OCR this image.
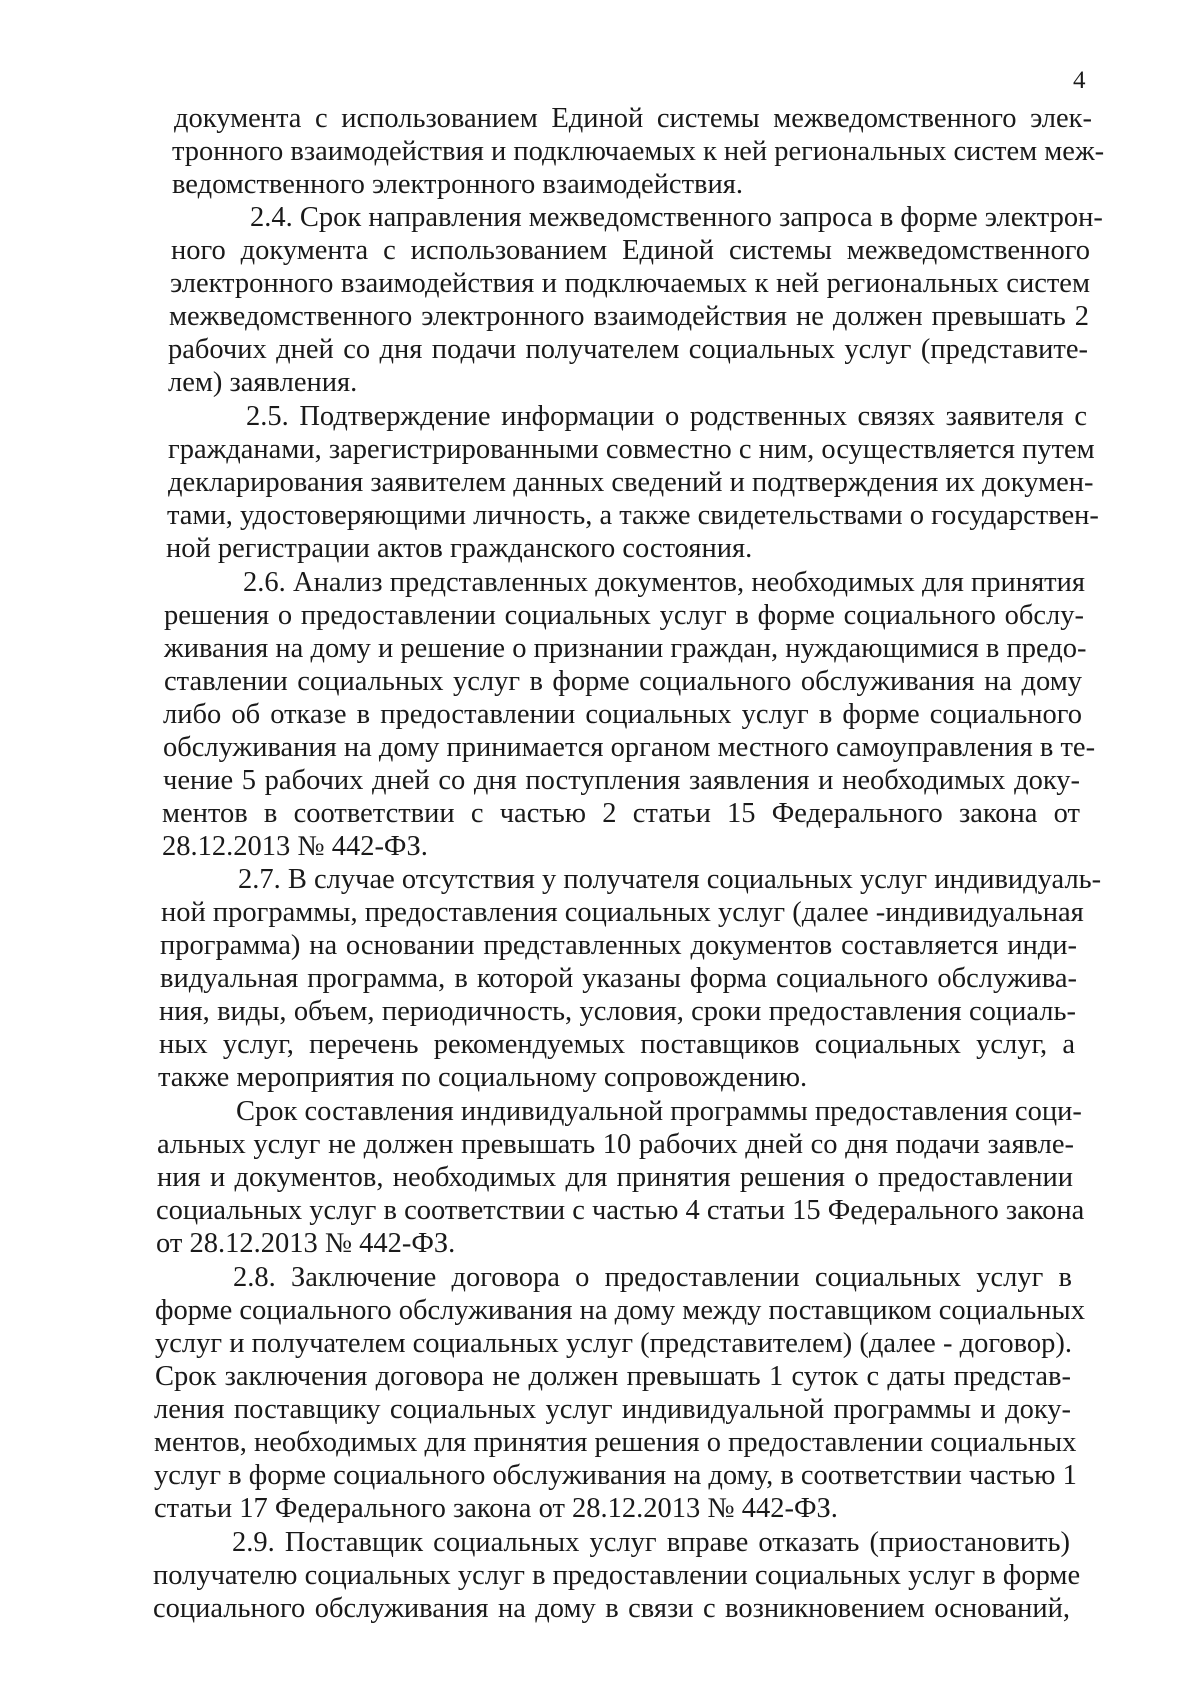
4
документа с использованием Единой системы межведомственного элек-
тронного взаимодействия и подключаемых к ней региональных систем меж-
ведомственного электронного взаимодействия.
2.4. Срок направления межведомственного запроса в форме электрон-
ного документа с использованием Единой системы межведомственного
электронного взаимодействия и подключаемых к ней региональных систем
межведомственного электронного взаимодействия не должен превышать 2
рабочих дней со дня подачи получателем социальных услуг (представите-
лем) заявления.
2.5. Подтверждение информации о родственных связях заявителя с
гражданами, зарегистрированными совместно с ним, осуществляется путем
декларирования заявителем данных сведений и подтверждения их докумен-
тами, удостоверяющими личность, а также свидетельствами о государствен-
ной регистрации актов гражданского состояния.
2.6. Анализ представленных документов, необходимых для принятия
решения о предоставлении социальных услуг в форме социального обслу-
живания на дому и решение о признании граждан, нуждающимися в предо-
ставлении социальных услуг в форме социального обслуживания на дому
либо об отказе в предоставлении социальных услуг в форме социального
обслуживания на дому принимается органом местного самоуправления в те-
чение 5 рабочих дней со дня поступления заявления и необходимых доку-
ментов в соответствии с частью 2 статьи 15 Федерального закона от
28.12.2013 № 442-ФЗ.
2.7. В случае отсутствия у получателя социальных услуг индивидуаль-
ной программы, предоставления социальных услуг (далее -индивидуальная
программа) на основании представленных документов составляется инди-
видуальная программа, в которой указаны форма социального обслужива-
ния, виды, объем, периодичность, условия, сроки предоставления социаль-
ных услуг, перечень рекомендуемых поставщиков социальных услуг, а
также мероприятия по социальному сопровождению.
Срок составления индивидуальной программы предоставления соци-
альных услуг не должен превышать 10 рабочих дней со дня подачи заявле-
ния и документов, необходимых для принятия решения о предоставлении
социальных услуг в соответствии с частью 4 статьи 15 Федерального закона
от 28.12.2013 № 442-ФЗ.
2.8. Заключение договора о предоставлении социальных услуг в
форме социального обслуживания на дому между поставщиком социальных
услуг и получателем социальных услуг (представителем) (далее - договор).
Срок заключения договора не должен превышать 1 суток с даты представ-
ления поставщику социальных услуг индивидуальной программы и доку-
ментов, необходимых для принятия решения о предоставлении социальных
услуг в форме социального обслуживания на дому, в соответствии частью 1
статьи 17 Федерального закона от 28.12.2013 № 442-ФЗ.
2.9. Поставщик социальных услуг вправе отказать (приостановить)
получателю социальных услуг в предоставлении социальных услуг в форме
социального обслуживания на дому в связи с возникновением оснований,
